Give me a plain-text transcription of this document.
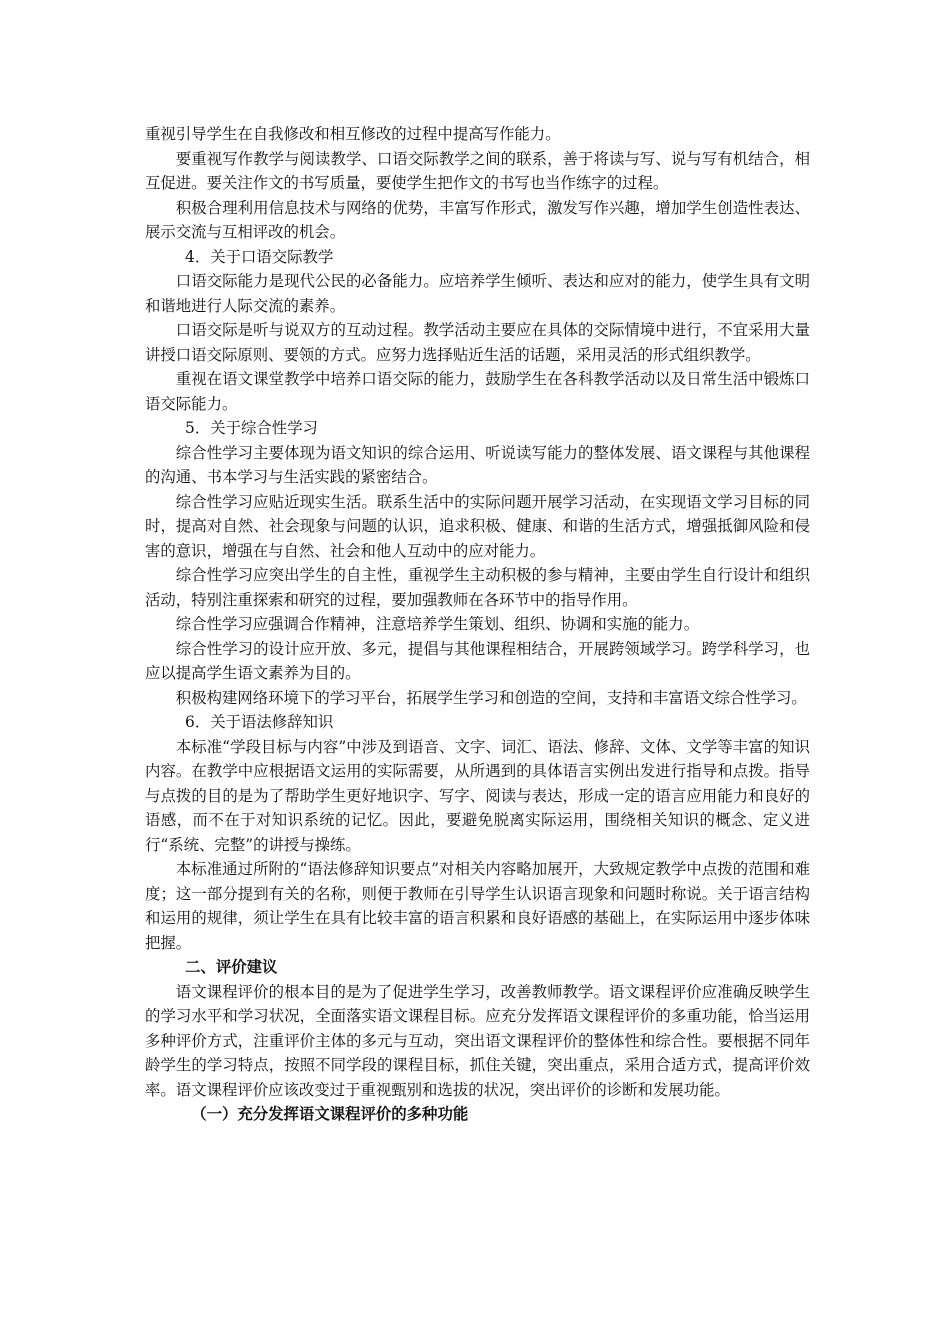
重视引导学生在自我修改和相互修改的过程中提高写作能力。

要重视写作教学与阅读教学、口语交际教学之间的联系，善于将读与写、说与写有机结合，相互促进。要关注作文的书写质量，要使学生把作文的书写也当作练字的过程。

积极合理利用信息技术与网络的优势，丰富写作形式，激发写作兴趣，增加学生创造性表达、展示交流与互相评改的机会。

4．关于口语交际教学

口语交际能力是现代公民的必备能力。应培养学生倾听、表达和应对的能力，使学生具有文明和谐地进行人际交流的素养。

口语交际是听与说双方的互动过程。教学活动主要应在具体的交际情境中进行，不宜采用大量讲授口语交际原则、要领的方式。应努力选择贴近生活的话题，采用灵活的形式组织教学。

重视在语文课堂教学中培养口语交际的能力，鼓励学生在各科教学活动以及日常生活中锻炼口语交际能力。

5．关于综合性学习

综合性学习主要体现为语文知识的综合运用、听说读写能力的整体发展、语文课程与其他课程的沟通、书本学习与生活实践的紧密结合。

综合性学习应贴近现实生活。联系生活中的实际问题开展学习活动，在实现语文学习目标的同时，提高对自然、社会现象与问题的认识，追求积极、健康、和谐的生活方式，增强抵御风险和侵害的意识，增强在与自然、社会和他人互动中的应对能力。

综合性学习应突出学生的自主性，重视学生主动积极的参与精神，主要由学生自行设计和组织活动，特别注重探索和研究的过程，要加强教师在各环节中的指导作用。

综合性学习应强调合作精神，注意培养学生策划、组织、协调和实施的能力。

综合性学习的设计应开放、多元，提倡与其他课程相结合，开展跨领域学习。跨学科学习，也应以提高学生语文素养为目的。

积极构建网络环境下的学习平台，拓展学生学习和创造的空间，支持和丰富语文综合性学习。

6．关于语法修辞知识

本标准“学段目标与内容”中涉及到语音、文字、词汇、语法、修辞、文体、文学等丰富的知识内容。在教学中应根据语文运用的实际需要，从所遇到的具体语言实例出发进行指导和点拨。指导与点拨的目的是为了帮助学生更好地识字、写字、阅读与表达，形成一定的语言应用能力和良好的语感，而不在于对知识系统的记忆。因此，要避免脱离实际运用，围绕相关知识的概念、定义进行“系统、完整”的讲授与操练。

本标准通过所附的“语法修辞知识要点”对相关内容略加展开，大致规定教学中点拨的范围和难度；这一部分提到有关的名称，则便于教师在引导学生认识语言现象和问题时称说。关于语言结构和运用的规律，须让学生在具有比较丰富的语言积累和良好语感的基础上，在实际运用中逐步体味把握。

二、评价建议

语文课程评价的根本目的是为了促进学生学习，改善教师教学。语文课程评价应准确反映学生的学习水平和学习状况，全面落实语文课程目标。应充分发挥语文课程评价的多重功能，恰当运用多种评价方式，注重评价主体的多元与互动，突出语文课程评价的整体性和综合性。要根据不同年龄学生的学习特点，按照不同学段的课程目标，抓住关键，突出重点，采用合适方式，提高评价效率。语文课程评价应该改变过于重视甄别和选拔的状况，突出评价的诊断和发展功能。

（一）充分发挥语文课程评价的多种功能
